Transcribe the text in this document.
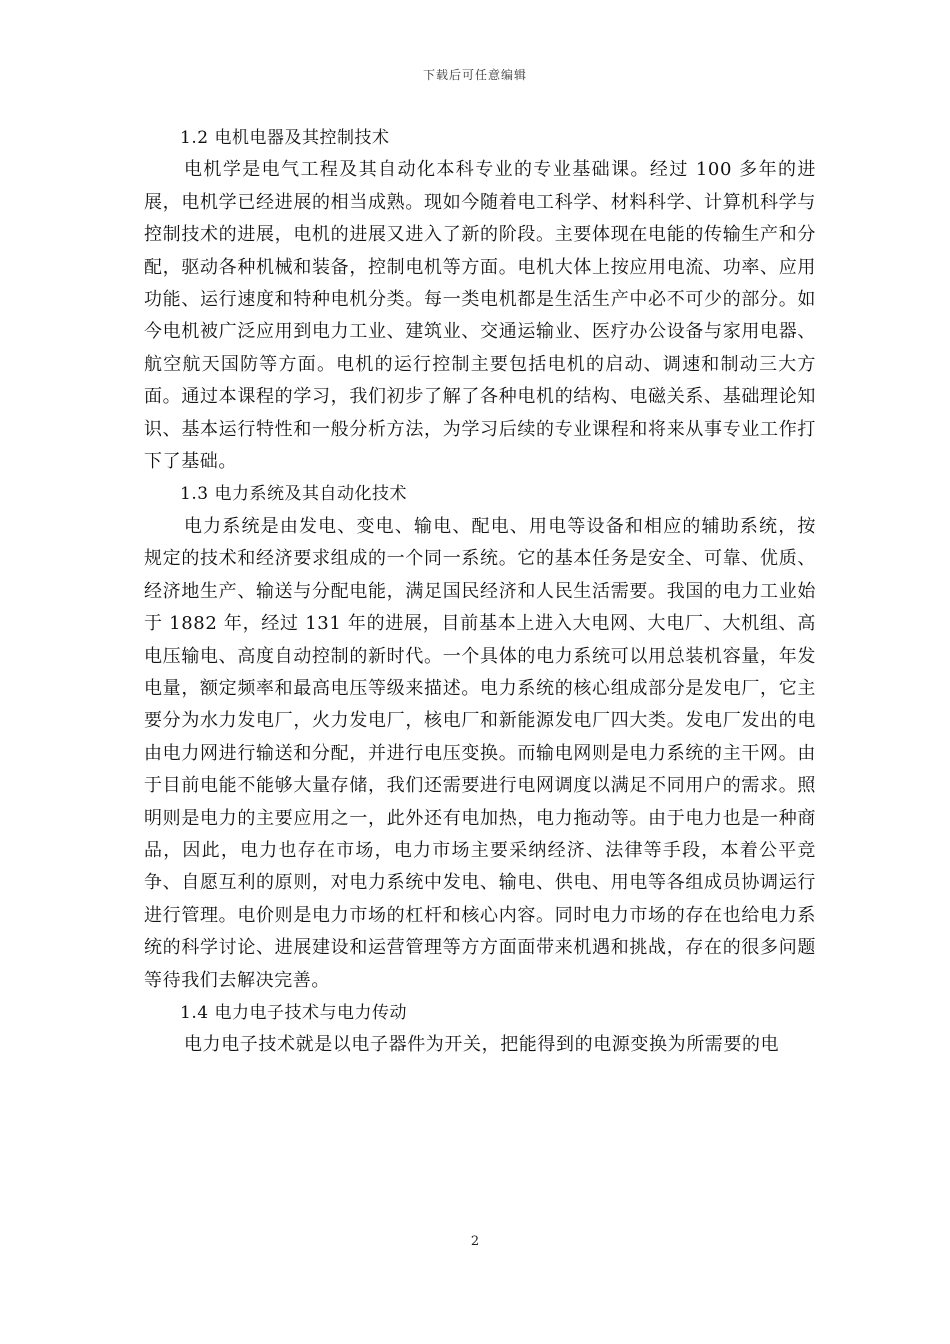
下载后可任意编辑

1.2 电机电器及其控制技术

电机学是电气工程及其自动化本科专业的专业基础课。经过 100 多年的进展，电机学已经进展的相当成熟。现如今随着电工科学、材料科学、计算机科学与控制技术的进展，电机的进展又进入了新的阶段。主要体现在电能的传输生产和分配，驱动各种机械和装备，控制电机等方面。电机大体上按应用电流、功率、应用功能、运行速度和特种电机分类。每一类电机都是生活生产中必不可少的部分。如今电机被广泛应用到电力工业、建筑业、交通运输业、医疗办公设备与家用电器、航空航天国防等方面。电机的运行控制主要包括电机的启动、调速和制动三大方面。通过本课程的学习，我们初步了解了各种电机的结构、电磁关系、基础理论知识、基本运行特性和一般分析方法，为学习后续的专业课程和将来从事专业工作打下了基础。

1.3 电力系统及其自动化技术

电力系统是由发电、变电、输电、配电、用电等设备和相应的辅助系统，按规定的技术和经济要求组成的一个同一系统。它的基本任务是安全、可靠、优质、经济地生产、输送与分配电能，满足国民经济和人民生活需要。我国的电力工业始于 1882 年，经过 131 年的进展，目前基本上进入大电网、大电厂、大机组、高电压输电、高度自动控制的新时代。一个具体的电力系统可以用总装机容量，年发电量，额定频率和最高电压等级来描述。电力系统的核心组成部分是发电厂，它主要分为水力发电厂，火力发电厂，核电厂和新能源发电厂四大类。发电厂发出的电由电力网进行输送和分配，并进行电压变换。而输电网则是电力系统的主干网。由于目前电能不能够大量存储，我们还需要进行电网调度以满足不同用户的需求。照明则是电力的主要应用之一，此外还有电加热，电力拖动等。由于电力也是一种商品，因此，电力也存在市场，电力市场主要采纳经济、法律等手段，本着公平竞争、自愿互利的原则，对电力系统中发电、输电、供电、用电等各组成员协调运行进行管理。电价则是电力市场的杠杆和核心内容。同时电力市场的存在也给电力系统的科学讨论、进展建设和运营管理等方方面面带来机遇和挑战，存在的很多问题等待我们去解决完善。

1.4 电力电子技术与电力传动

电力电子技术就是以电子器件为开关，把能得到的电源变换为所需要的电

2
